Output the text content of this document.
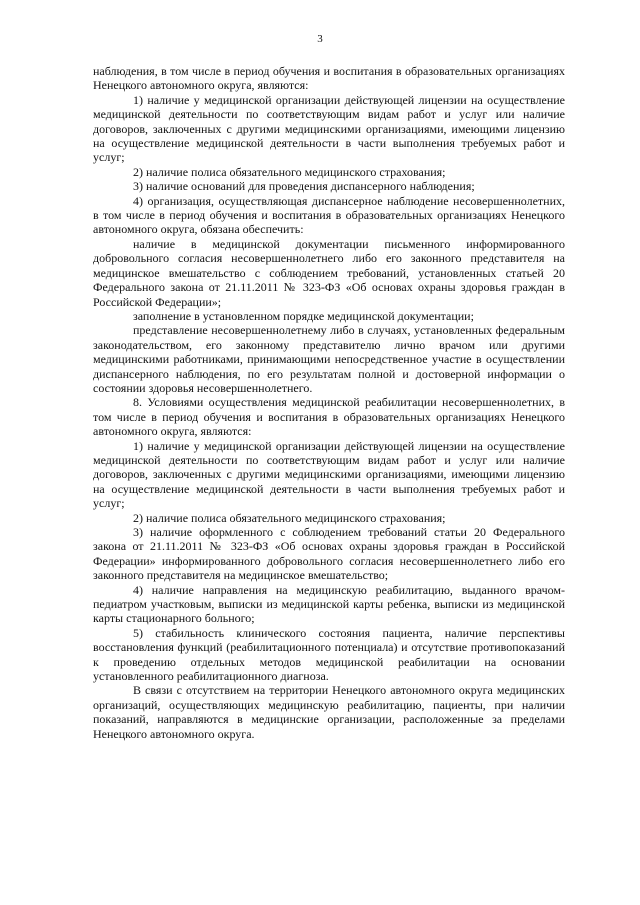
3

наблюдения, в том числе в период обучения и воспитания в образовательных организациях Ненецкого автономного округа, являются:

1) наличие у медицинской организации действующей лицензии на осуществление медицинской деятельности по соответствующим видам работ и услуг или наличие договоров, заключенных с другими медицинскими организациями, имеющими лицензию на осуществление медицинской деятельности в части выполнения требуемых работ и услуг;

2) наличие полиса обязательного медицинского страхования;

3) наличие оснований для проведения диспансерного наблюдения;

4) организация, осуществляющая диспансерное наблюдение несовершеннолетних, в том числе в период обучения и воспитания в образовательных организациях Ненецкого автономного округа, обязана обеспечить:

наличие в медицинской документации письменного информированного добровольного согласия несовершеннолетнего либо его законного представителя на медицинское вмешательство с соблюдением требований, установленных статьей 20 Федерального закона от 21.11.2011 № 323-ФЗ «Об основах охраны здоровья граждан в Российской Федерации»;

заполнение в установленном порядке медицинской документации;

представление несовершеннолетнему либо в случаях, установленных федеральным законодательством, его законному представителю лично врачом или другими медицинскими работниками, принимающими непосредственное участие в осуществлении диспансерного наблюдения, по его результатам полной и достоверной информации о состоянии здоровья несовершеннолетнего.

8. Условиями осуществления медицинской реабилитации несовершеннолетних, в том числе в период обучения и воспитания в образовательных организациях Ненецкого автономного округа, являются:

1) наличие у медицинской организации действующей лицензии на осуществление медицинской деятельности по соответствующим видам работ и услуг или наличие договоров, заключенных с другими медицинскими организациями, имеющими лицензию на осуществление медицинской деятельности в части выполнения требуемых работ и услуг;

2) наличие полиса обязательного медицинского страхования;

3) наличие оформленного с соблюдением требований статьи 20 Федерального закона от 21.11.2011 № 323-ФЗ «Об основах охраны здоровья граждан в Российской Федерации» информированного добровольного согласия несовершеннолетнего либо его законного представителя на медицинское вмешательство;

4) наличие направления на медицинскую реабилитацию, выданного врачом-педиатром участковым, выписки из медицинской карты ребенка, выписки из медицинской карты стационарного больного;

5) стабильность клинического состояния пациента, наличие перспективы восстановления функций (реабилитационного потенциала) и отсутствие противопоказаний к проведению отдельных методов медицинской реабилитации на основании установленного реабилитационного диагноза.

В связи с отсутствием на территории Ненецкого автономного округа медицинских организаций, осуществляющих медицинскую реабилитацию, пациенты, при наличии показаний, направляются в медицинские организации, расположенные за пределами Ненецкого автономного округа.
